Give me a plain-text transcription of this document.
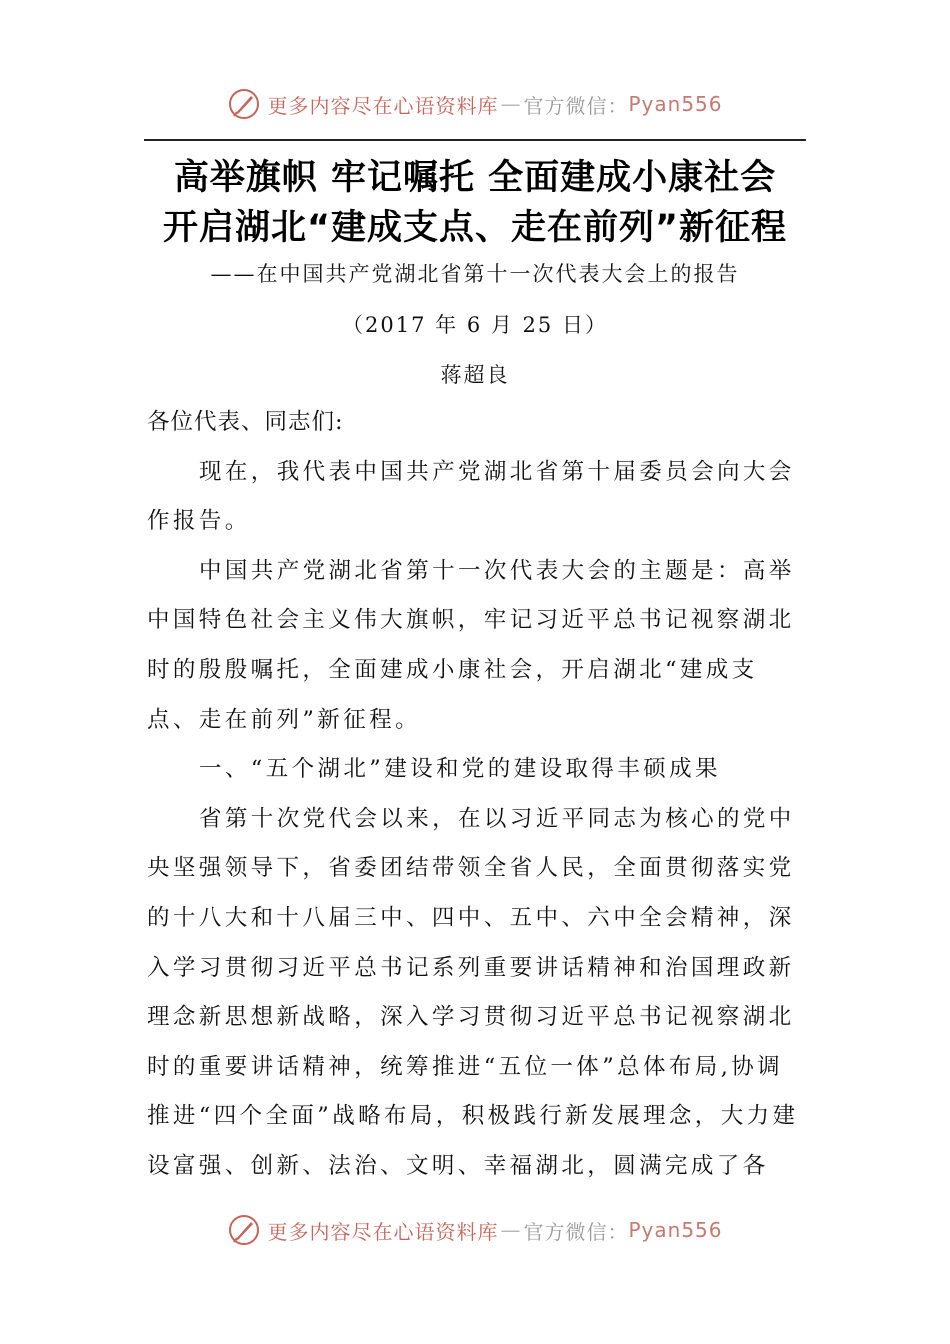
更多内容尽在心语资料库 — 官方微信： Pyan556
高举旗帜 牢记嘱托 全面建成小康社会
开启湖北“建成支点、走在前列”新征程
——在中国共产党湖北省第十一次代表大会上的报告
（2017 年 6 月 25 日）
蒋超良

各位代表、同志们:

现在，我代表中国共产党湖北省第十届委员会向大会作报告。

中国共产党湖北省第十一次代表大会的主题是：高举中国特色社会主义伟大旗帜，牢记习近平总书记视察湖北时的殷殷嘱托，全面建成小康社会，开启湖北“建成支点、走在前列”新征程。

一、“五个湖北”建设和党的建设取得丰硕成果

省第十次党代会以来，在以习近平同志为核心的党中央坚强领导下，省委团结带领全省人民，全面贯彻落实党的十八大和十八届三中、四中、五中、六中全会精神，深入学习贯彻习近平总书记系列重要讲话精神和治国理政新理念新思想新战略，深入学习贯彻习近平总书记视察湖北时的重要讲话精神，统筹推进“五位一体”总体布局,协调推进“四个全面”战略布局，积极践行新发展理念，大力建设富强、创新、法治、文明、幸福湖北，圆满完成了各

更多内容尽在心语资料库 — 官方微信： Pyan556
